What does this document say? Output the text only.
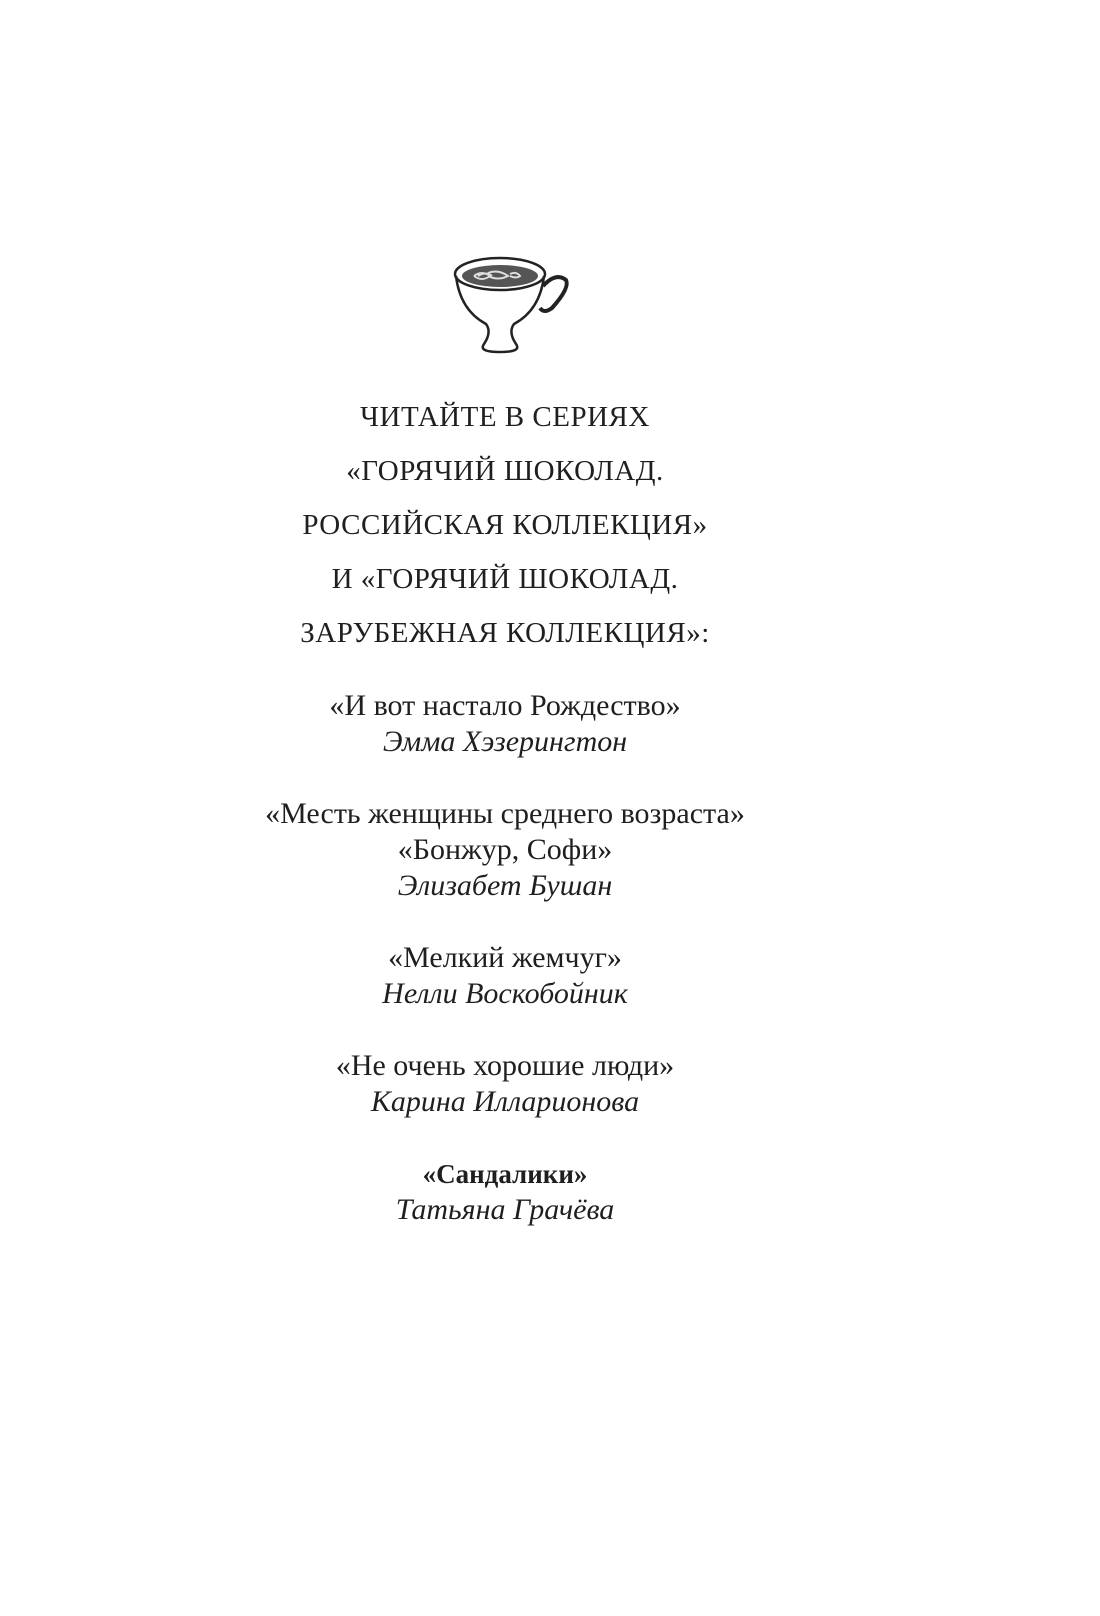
ЧИТАЙТЕ В СЕРИЯХ
«ГОРЯЧИЙ ШОКОЛАД.
РОССИЙСКАЯ КОЛЛЕКЦИЯ»
И «ГОРЯЧИЙ ШОКОЛАД.
ЗАРУБЕЖНАЯ КОЛЛЕКЦИЯ»:
«И вот настало Рождество»
Эмма Хэзерингтон
«Месть женщины среднего возраста»
«Бонжур, Софи»
Элизабет Бушан
«Мелкий жемчуг»
Нелли Воскобойник
«Не очень хорошие люди»
Карина Илларионова
«Сандалики»
Татьяна Грачёва
